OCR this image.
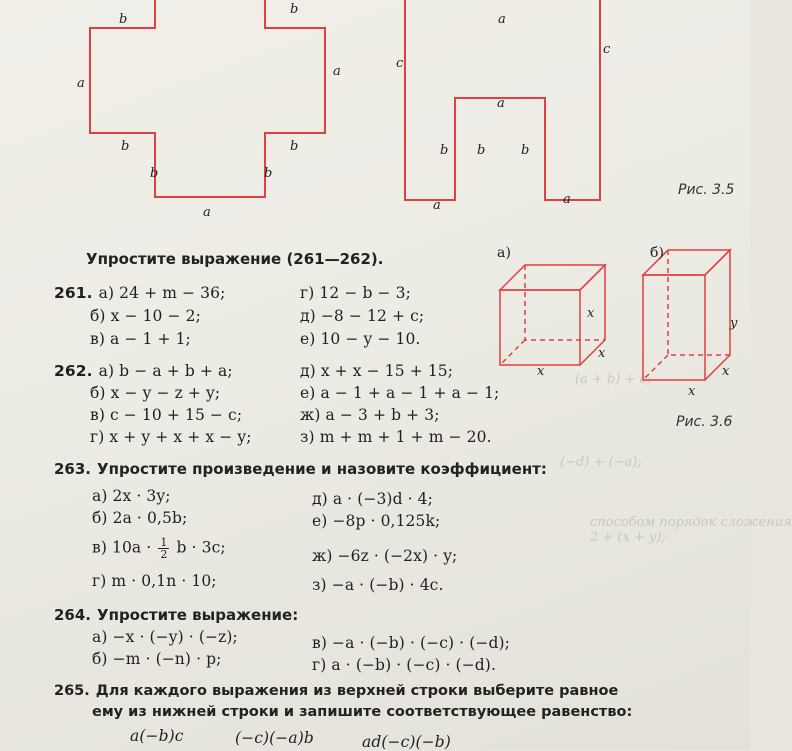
(a + b) + c;
2 + (x + y);
(−d) + (−a);
способом порядок сложения
b
b
a
a
b	b
b	b
a
a
c
c
a
b b	b
a	a
Рис. 3.5
а)	б)
x
x
x
y
x
x
Рис. 3.6
Упростите выражение (261—262).
261. а) 24 + m − 36;
б) x − 10 − 2;
в) a − 1 + 1;
г) 12 − b − 3;
д) −8 − 12 + c;
е) 10 − y − 10.
262. а) b − a + b + a;
б) x − y − z + y;
в) c − 10 + 15 − c;
г) x + y + x + x − y;
д) x + x − 15 + 15;
е) a − 1 + a − 1 + a − 1;
ж) a − 3 + b + 3;
з) m + m + 1 + m − 20.
263. Упростите произведение и назовите коэффициент:
а) 2x · 3y;
б) 2a · 0,5b;
в) $10a \cdot \frac{1}{2}$ b · 3c;
г) m · 0,1n · 10;
д) a · (−3)d · 4;
е) −8p · 0,125k;
ж) −6z · (−2x) · y;
з) −a · (−b) · 4c.
264. Упростите выражение:
а) −x · (−y) · (−z);
б) −m · (−n) · p;
в) −a · (−b) · (−c) · (−d);
г) a · (−b) · (−c) · (−d).
265. Для каждого выражения из верхней строки выберите равное
ему из нижней строки и запишите соответствующее равенство:
a(−b)c	(−c)(−a)b	ad(−c)(−b)
